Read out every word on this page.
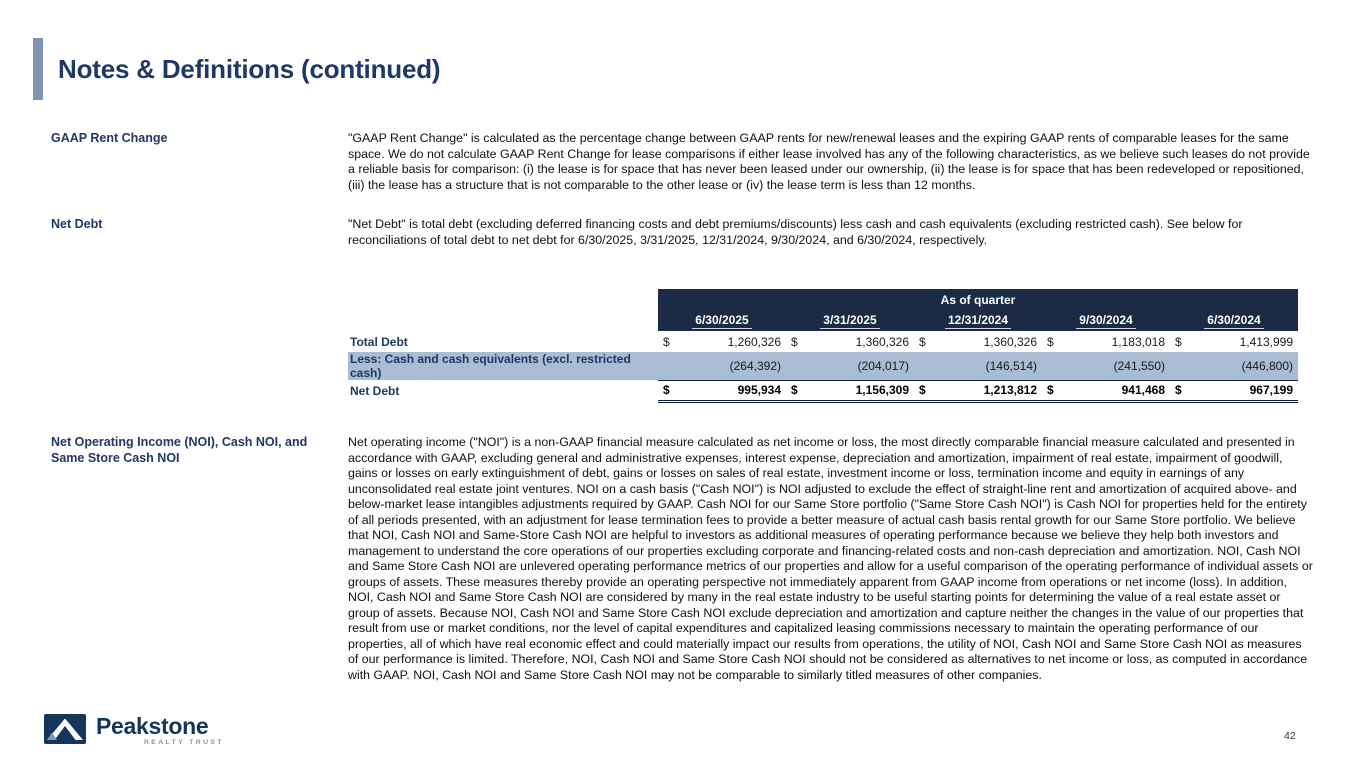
Notes & Definitions (continued)
GAAP Rent Change	"GAAP Rent Change" is calculated as the percentage change between GAAP rents for new/renewal leases and the expiring GAAP rents of comparable leases for the same space. We do not calculate GAAP Rent Change for lease comparisons if either lease involved has any of the following characteristics, as we believe such leases do not provide a reliable basis for comparison: (i) the lease is for space that has never been leased under our ownership, (ii) the lease is for space that has been redeveloped or repositioned, (iii) the lease has a structure that is not comparable to the other lease or (iv) the lease term is less than 12 months.
Net Debt	"Net Debt" is total debt (excluding deferred financing costs and debt premiums/discounts) less cash and cash equivalents (excluding restricted cash). See below for reconciliations of total debt to net debt for 6/30/2025, 3/31/2025, 12/31/2024, 9/30/2024, and 6/30/2024, respectively.
	As of quarter				
	6/30/2025	3/31/2025	12/31/2024	9/30/2024	6/30/2024
Total Debt	$ 1,260,326	$ 1,360,326	$ 1,360,326	$ 1,183,018	$ 1,413,999

Less: Cash and cash equivalents (excl. restricted cash)	(264,392)	(204,017)	(146,514)	(241,550)	(446,800)

Net Debt	$ 995,934	$ 1,156,309	$ 1,213,812	$ 941,468	$ 967,199
Net Operating Income (NOI), Cash NOI, and Same Store Cash NOI
Net operating income ("NOI") is a non-GAAP financial measure calculated as net income or loss, the most directly comparable financial measure calculated and presented in accordance with GAAP, excluding general and administrative expenses, interest expense, depreciation and amortization, impairment of real estate, impairment of goodwill, gains or losses on early extinguishment of debt, gains or losses on sales of real estate, investment income or loss, termination income and equity in earnings of any unconsolidated real estate joint ventures. NOI on a cash basis ("Cash NOI") is NOI adjusted to exclude the effect of straight-line rent and amortization of acquired above- and below-market lease intangibles adjustments required by GAAP. Cash NOI for our Same Store portfolio ("Same Store Cash NOI") is Cash NOI for properties held for the entirety of all periods presented, with an adjustment for lease termination fees to provide a better measure of actual cash basis rental growth for our Same Store portfolio. We believe that NOI, Cash NOI and Same-Store Cash NOI are helpful to investors as additional measures of operating performance because we believe they help both investors and management to understand the core operations of our properties excluding corporate and financing-related costs and non-cash depreciation and amortization. NOI, Cash NOI and Same Store Cash NOI are unlevered operating performance metrics of our properties and allow for a useful comparison of the operating performance of individual assets or groups of assets. These measures thereby provide an operating perspective not immediately apparent from GAAP income from operations or net income (loss). In addition, NOI, Cash NOI and Same Store Cash NOI are considered by many in the real estate industry to be useful starting points for determining the value of a real estate asset or group of assets. Because NOI, Cash NOI and Same Store Cash NOI exclude depreciation and amortization and capture neither the changes in the value of our properties that result from use or market conditions, nor the level of capital expenditures and capitalized leasing commissions necessary to maintain the operating performance of our properties, all of which have real economic effect and could materially impact our results from operations, the utility of NOI, Cash NOI and Same Store Cash NOI as measures of our performance is limited. Therefore, NOI, Cash NOI and Same Store Cash NOI should not be considered as alternatives to net income or loss, as computed in accordance with GAAP. NOI, Cash NOI and Same Store Cash NOI may not be comparable to similarly titled measures of other companies.
Peakstone
REALTY TRUST
42
